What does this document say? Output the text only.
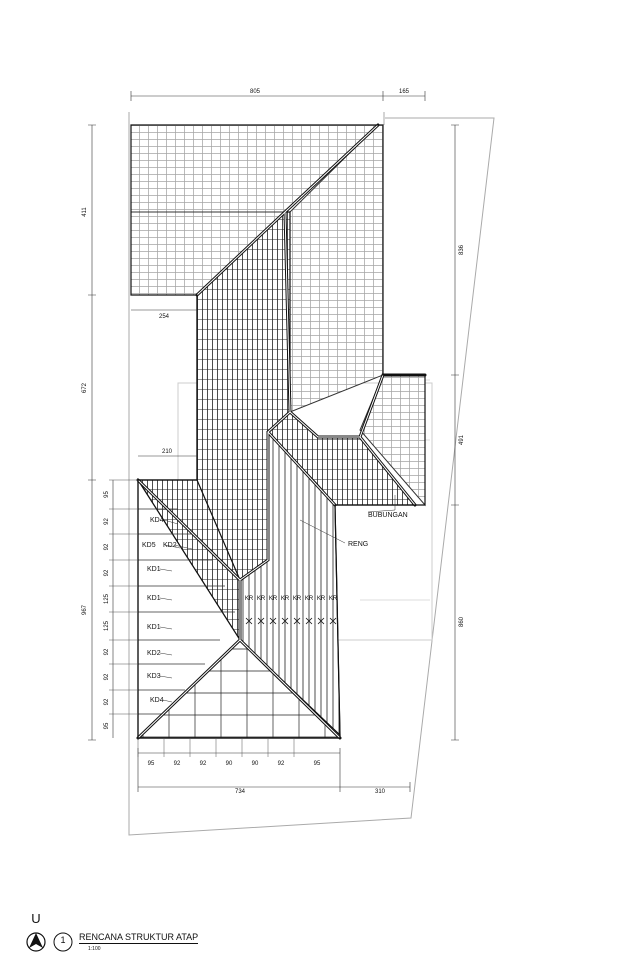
805	165
411
672
967
836
491
860
254
210
734	310
95
92
92
92
125
125
92
92
92
95
95	92	92	90	90	92	95
KD4
KD5 KD2
KD1
KD1
KD1
KD2
KD3
KD4
KR KR KR KR KR KR KR KR
RENG
BUBUNGAN
U
1	RENCANA STRUKTUR ATAP
1:100
